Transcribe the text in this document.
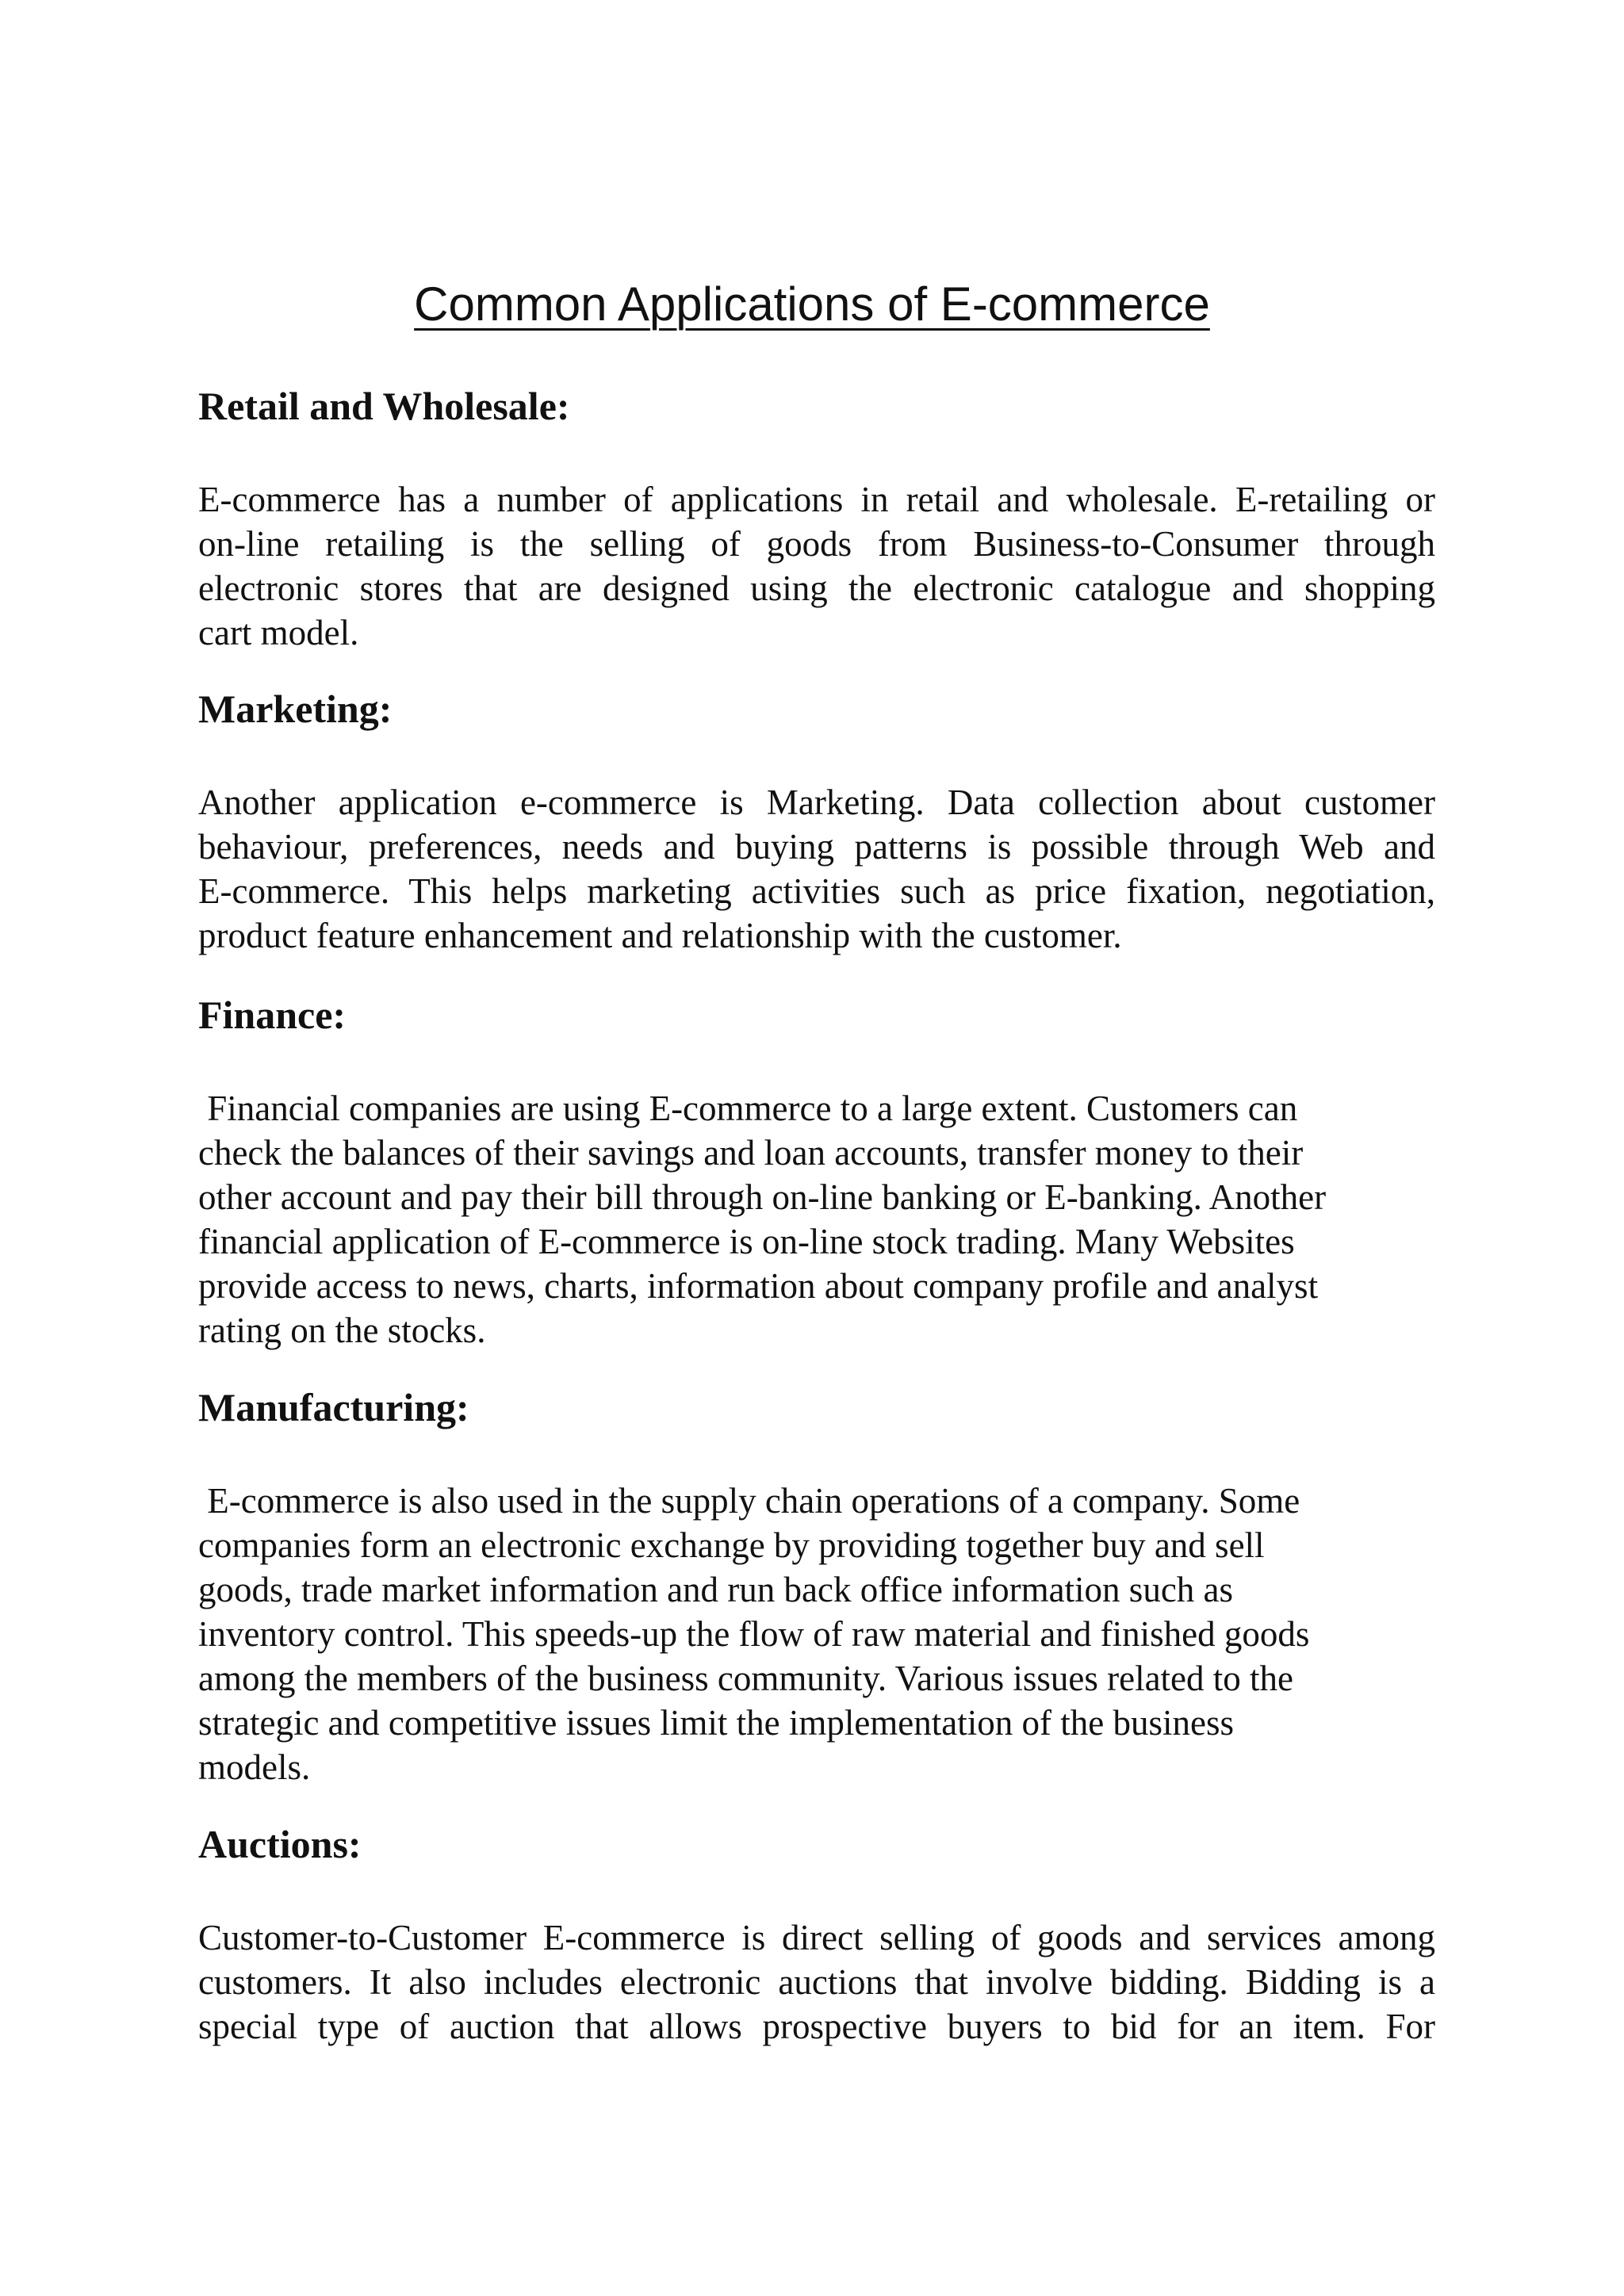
Common Applications of E-commerce
Retail and Wholesale:

E-commerce has a number of applications in retail and wholesale. E-retailing or
on-line retailing is the selling of goods from Business-to-Consumer through
electronic stores that are designed using the electronic catalogue and shopping
cart model.

Marketing:

Another application e-commerce is Marketing. Data collection about customer
behaviour, preferences, needs and buying patterns is possible through Web and
E-commerce. This helps marketing activities such as price fixation, negotiation,
product feature enhancement and relationship with the customer.

Finance:

Financial companies are using E-commerce to a large extent. Customers can
check the balances of their savings and loan accounts, transfer money to their
other account and pay their bill through on-line banking or E-banking. Another
financial application of E-commerce is on-line stock trading. Many Websites
provide access to news, charts, information about company profile and analyst
rating on the stocks.

Manufacturing:

E-commerce is also used in the supply chain operations of a company. Some
companies form an electronic exchange by providing together buy and sell
goods, trade market information and run back office information such as
inventory control. This speeds-up the flow of raw material and finished goods
among the members of the business community. Various issues related to the
strategic and competitive issues limit the implementation of the business
models.

Auctions:

Customer-to-Customer E-commerce is direct selling of goods and services among
customers. It also includes electronic auctions that involve bidding. Bidding is a
special type of auction that allows prospective buyers to bid for an item. For
